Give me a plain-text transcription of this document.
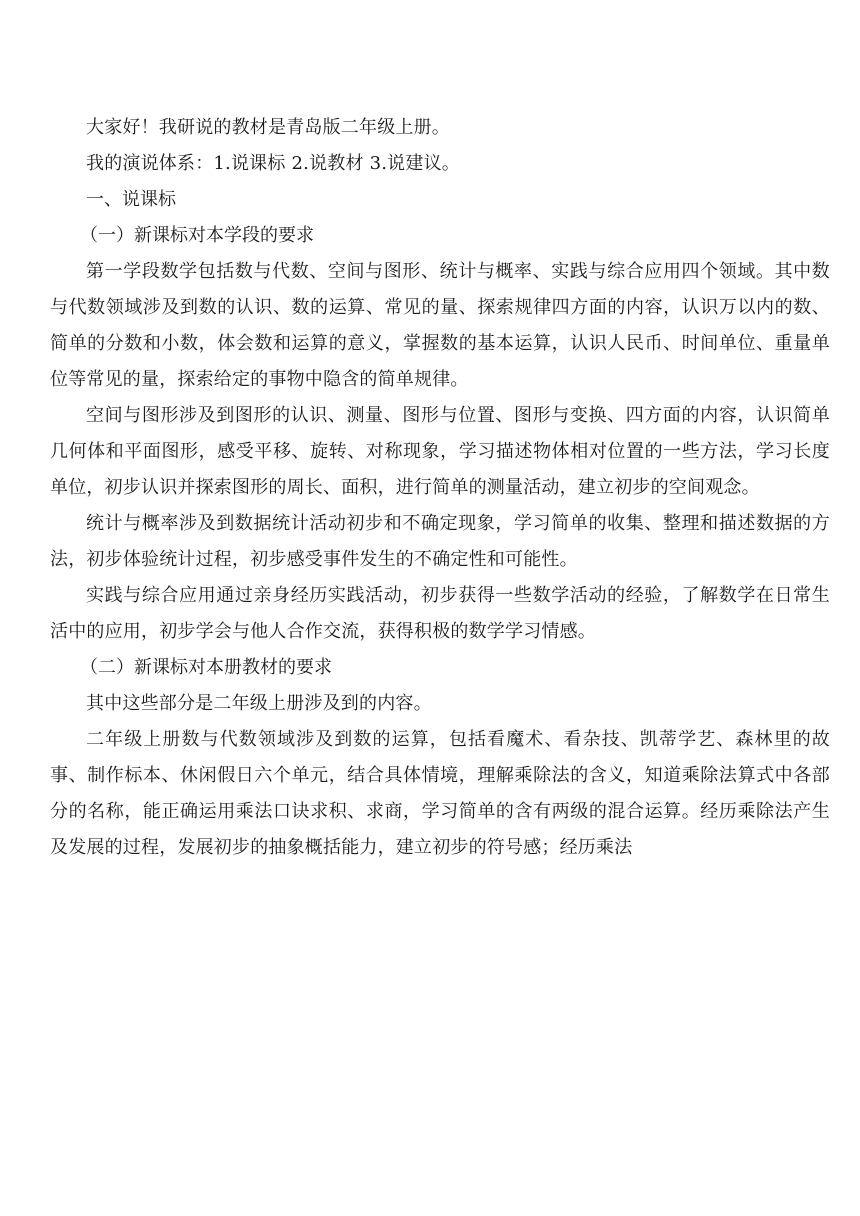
大家好！我研说的教材是青岛版二年级上册。

我的演说体系：1.说课标 2.说教材 3.说建议。

一、说课标

（一）新课标对本学段的要求

第一学段数学包括数与代数、空间与图形、统计与概率、实践与综合应用四个领域。其中数与代数领域涉及到数的认识、数的运算、常见的量、探索规律四方面的内容，认识万以内的数、简单的分数和小数，体会数和运算的意义，掌握数的基本运算，认识人民币、时间单位、重量单位等常见的量，探索给定的事物中隐含的简单规律。

空间与图形涉及到图形的认识、测量、图形与位置、图形与变换、四方面的内容，认识简单几何体和平面图形，感受平移、旋转、对称现象，学习描述物体相对位置的一些方法，学习长度单位，初步认识并探索图形的周长、面积，进行简单的测量活动，建立初步的空间观念。

统计与概率涉及到数据统计活动初步和不确定现象，学习简单的收集、整理和描述数据的方法，初步体验统计过程，初步感受事件发生的不确定性和可能性。

实践与综合应用通过亲身经历实践活动，初步获得一些数学活动的经验，了解数学在日常生活中的应用，初步学会与他人合作交流，获得积极的数学学习情感。

（二）新课标对本册教材的要求

其中这些部分是二年级上册涉及到的内容。

二年级上册数与代数领域涉及到数的运算，包括看魔术、看杂技、凯蒂学艺、森林里的故事、制作标本、休闲假日六个单元，结合具体情境，理解乘除法的含义，知道乘除法算式中各部分的名称，能正确运用乘法口诀求积、求商，学习简单的含有两级的混合运算。经历乘除法产生及发展的过程，发展初步的抽象概括能力，建立初步的符号感；经历乘法
